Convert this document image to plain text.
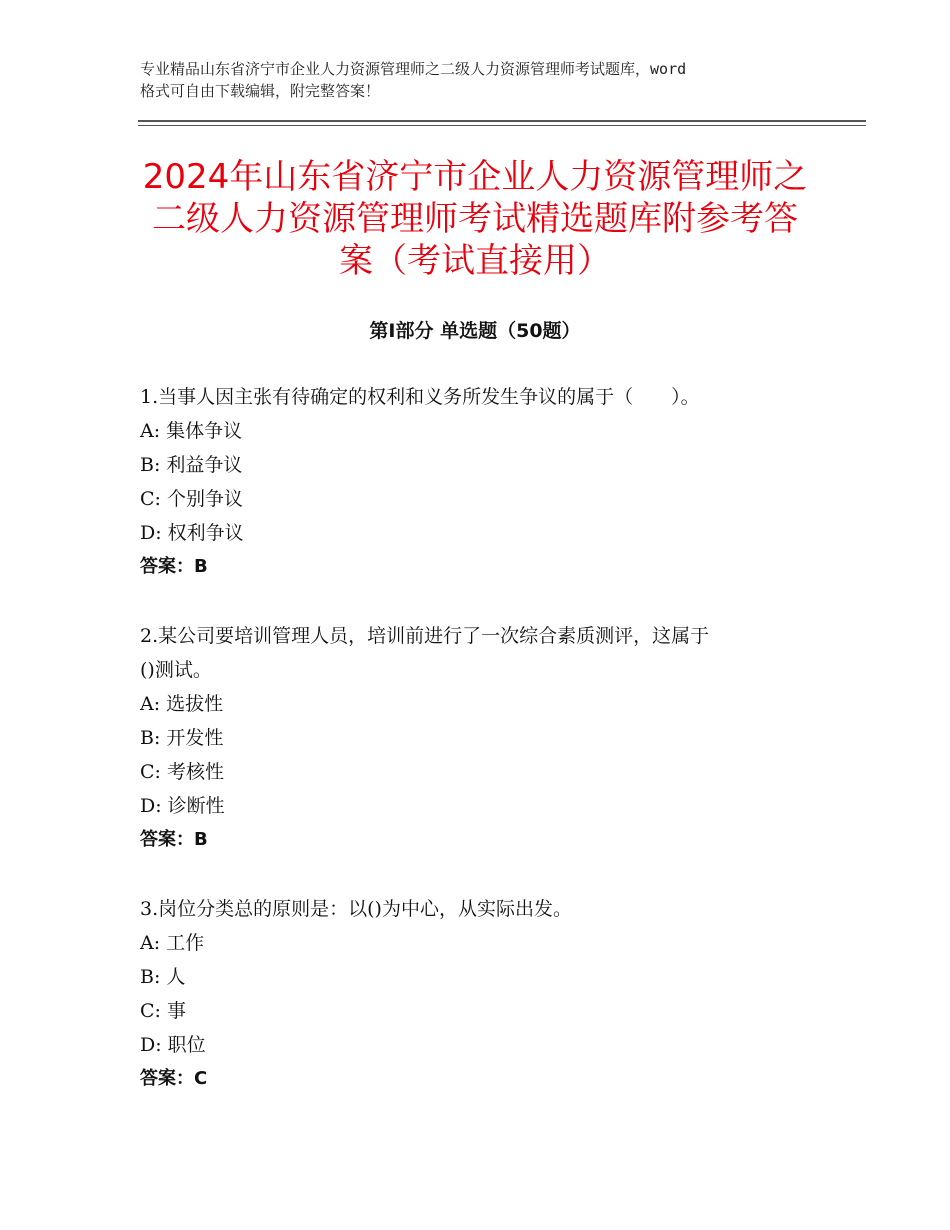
专业精品山东省济宁市企业人力资源管理师之二级人力资源管理师考试题库，word
格式可自由下载编辑，附完整答案！
2024年山东省济宁市企业人力资源管理师之
二级人力资源管理师考试精选题库附参考答
案（考试直接用）
第Ⅰ部分 单选题（50题）
1.当事人因主张有待确定的权利和义务所发生争议的属于（　　）。
A: 集体争议
B: 利益争议
C: 个别争议
D: 权利争议
答案：B
2.某公司要培训管理人员，培训前进行了一次综合素质测评，这属于
()测试。
A: 选拔性
B: 开发性
C: 考核性
D: 诊断性
答案：B
3.岗位分类总的原则是：以()为中心，从实际出发。
A: 工作
B: 人
C: 事
D: 职位
答案：C
